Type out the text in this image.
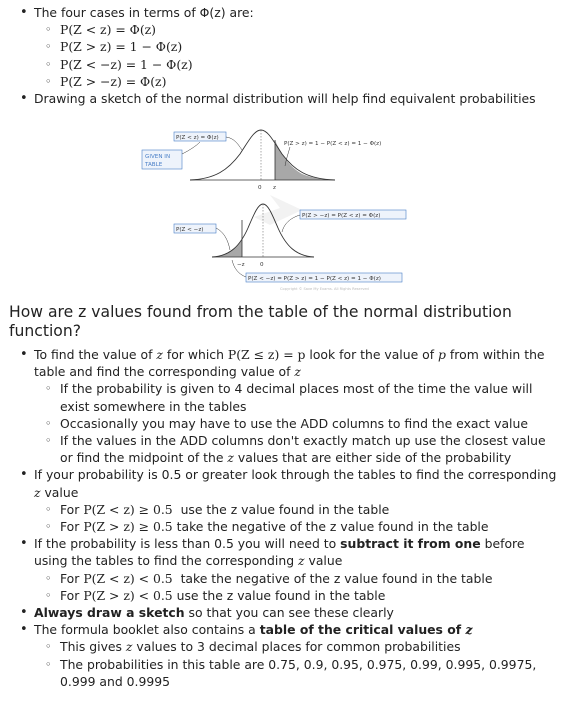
• The four cases in terms of Φ(z) are:
◦ P(Z < z) = Φ(z)
◦ P(Z > z) = 1 − Φ(z)
◦ P(Z < −z) = 1 − Φ(z)
◦ P(Z > −z) = Φ(z)
• Drawing a sketch of the normal distribution will help find equivalent probabilities
0 z
P(Z < z) = Φ(z)
GIVEN IN
TABLE
P(Z > z) = 1 − P(Z < z) = 1 − Φ(z)
−z	0
P(Z < −z)
P(Z > −z) = P(Z < z) = Φ(z)
P(Z < −z) = P(Z > z) = 1 − P(Z < z) = 1 − Φ(z)
Copyright © Save My Exams. All Rights Reserved
How are z values found from the table of the normal distribution function?
• To find the value of z for which P(Z ≤ z) = p look for the value of p from within the table and find the corresponding value of z
◦ If the probability is given to 4 decimal places most of the time the value will exist somewhere in the tables
◦ Occasionally you may have to use the ADD columns to find the exact value
◦ If the values in the ADD columns don't exactly match up use the closest value or find the midpoint of the z values that are either side of the probability
• If your probability is 0.5 or greater look through the tables to find the corresponding z value
◦ For P(Z < z) ≥ 0.5  use the z value found in the table
◦ For P(Z > z) ≥ 0.5 take the negative of the z value found in the table
• If the probability is less than 0.5 you will need to subtract it from one before using the tables to find the corresponding z value
◦ For P(Z < z) < 0.5  take the negative of the z value found in the table
◦ For P(Z > z) < 0.5 use the z value found in the table
• Always draw a sketch so that you can see these clearly
• The formula booklet also contains a table of the critical values of z
◦ This gives z values to 3 decimal places for common probabilities
◦ The probabilities in this table are 0.75, 0.9, 0.95, 0.975, 0.99, 0.995, 0.9975, 0.999 and 0.9995
